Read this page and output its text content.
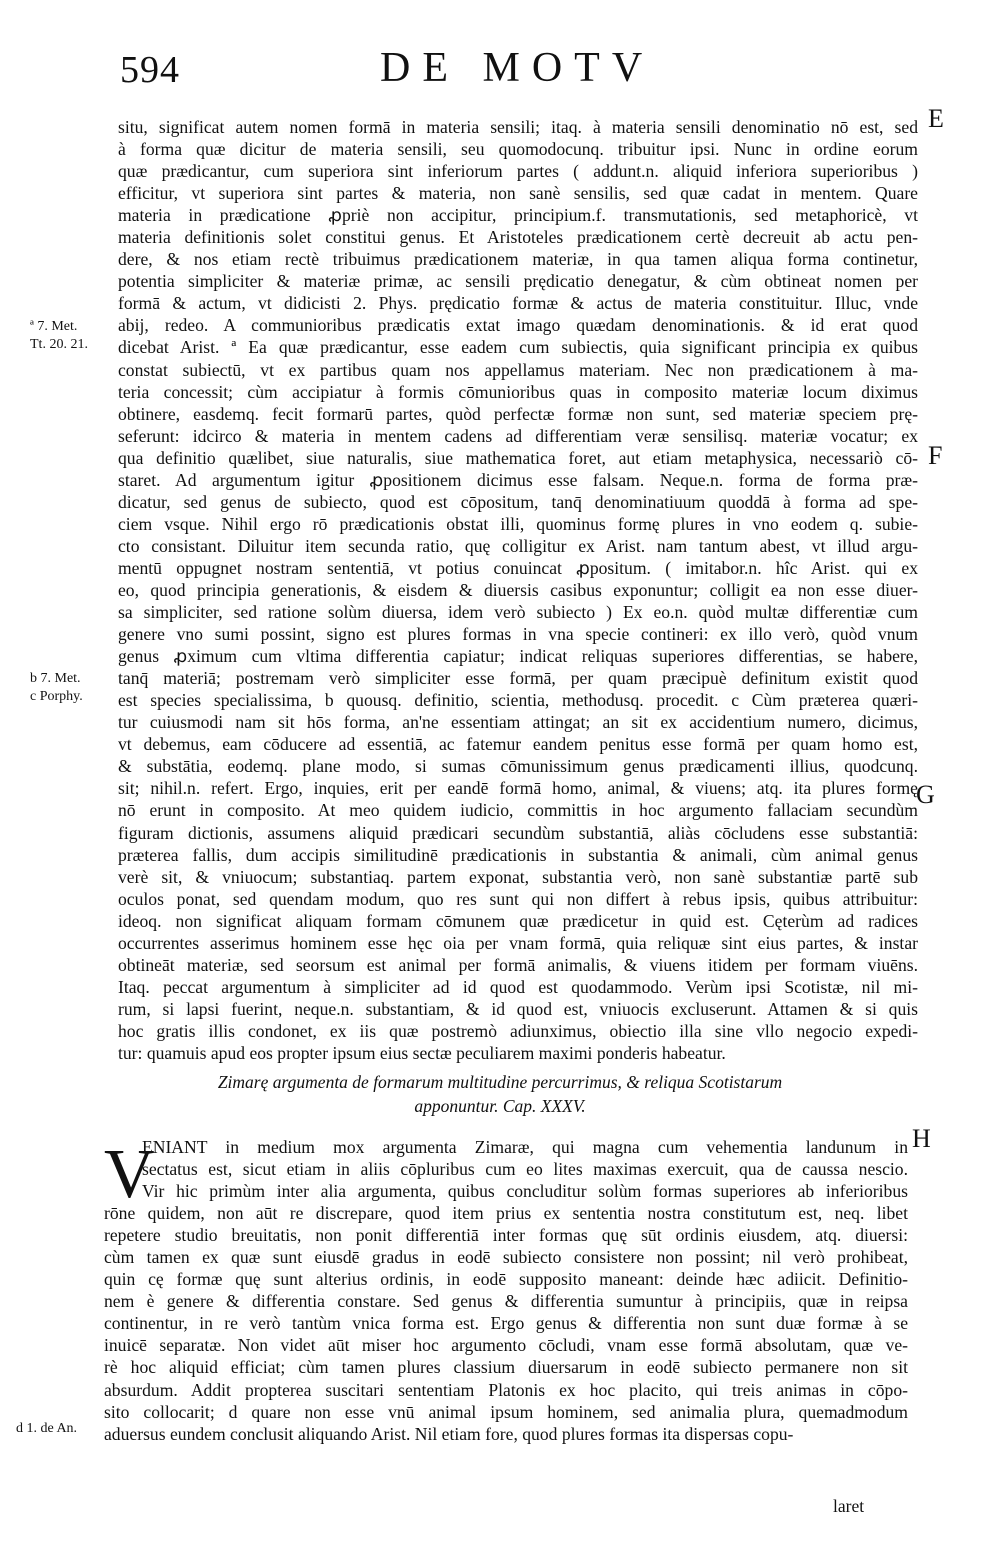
594	DE MOTV
E
F
G
H
ª 7. Met.
Tt. 20. 21.
b 7. Met.
c Porphy.
d 1. de An.
situ, significat autem nomen formā in materia sensili; itaq. à materia sensili denominatio nō est, sed
à forma quæ dicitur de materia sensili, seu quomodocunq. tribuitur ipsi. Nunc in ordine eorum
quæ prædicantur, cum superiora sint inferiorum partes ( addunt.n. aliquid inferiora superioribus )
efficitur, vt superiora sint partes & materia, non sanè sensilis, sed quæ cadat in mentem. Quare
materia in prædicatione ꝓpriè non accipitur, principium.f. transmutationis, sed metaphoricè, vt
materia definitionis solet constitui genus. Et Aristoteles prædicationem certè decreuit ab actu pen-
dere, & nos etiam rectè tribuimus prædicationem materiæ, in qua tamen aliqua forma continetur,
potentia simpliciter & materiæ primæ, ac sensili prędicatio denegatur, & cùm obtineat nomen per
formā & actum, vt didicisti 2. Phys. prędicatio formæ & actus de materia constituitur. Illuc, vnde
abij, redeo. A communioribus prædicatis extat imago quædam denominationis. & id erat quod
dicebat Arist. ª Ea quæ prædicantur, esse eadem cum subiectis, quia significant principia ex quibus
constat subiectū, vt ex partibus quam nos appellamus materiam. Nec non prædicationem à ma-
teria concessit; cùm accipiatur à formis cōmunioribus quas in composito materiæ locum diximus
obtinere, easdemq. fecit formarū partes, quòd perfectæ formæ non sunt, sed materiæ speciem prę-
seferunt: idcirco & materia in mentem cadens ad differentiam veræ sensilisq. materiæ vocatur; ex
qua definitio quælibet, siue naturalis, siue mathematica foret, aut etiam metaphysica, necessariò cō-
staret. Ad argumentum igitur ꝓpositionem dicimus esse falsam. Neque.n. forma de forma præ-
dicatur, sed genus de subiecto, quod est cōpositum, tanq̄ denominatiuum quoddā à forma ad spe-
ciem vsque. Nihil ergo rō prædicationis obstat illi, quominus formę plures in vno eodem q. subie-
cto consistant. Diluitur item secunda ratio, quę colligitur ex Arist. nam tantum abest, vt illud argu-
mentū oppugnet nostram sententiā, vt potius conuincat ꝓpositum. ( imitabor.n. hîc Arist. qui ex
eo, quod principia generationis, & eisdem & diuersis casibus exponuntur; colligit ea non esse diuer-
sa simpliciter, sed ratione solùm diuersa, idem verò subiecto ) Ex eo.n. quòd multæ differentiæ cum
genere vno sumi possint, signo est plures formas in vna specie contineri: ex illo verò, quòd vnum
genus ꝓximum cum vltima differentia capiatur; indicat reliquas superiores differentias, se habere,
tanq̄ materiā; postremam verò simpliciter esse formā, per quam præcipuè definitum existit quod
est species specialissima, b quousq. definitio, scientia, methodusq. procedit. c Cùm præterea quæri-
tur cuiusmodi nam sit hōs forma, an'ne essentiam attingat; an sit ex accidentium numero, dicimus,
vt debemus, eam cōducere ad essentiā, ac fatemur eandem penitus esse formā per quam homo est,
& substātia, eodemq. plane modo, si sumas cōmunissimum genus prædicamenti illius, quodcunq.
sit; nihil.n. refert. Ergo, inquies, erit per eandē formā homo, animal, & viuens; atq. ita plures formę
nō erunt in composito. At meo quidem iudicio, committis in hoc argumento fallaciam secundùm
figuram dictionis, assumens aliquid prædicari secundùm substantiā, aliàs cōcludens esse substantiā:
præterea fallis, dum accipis similitudinē prædicationis in substantia & animali, cùm animal genus
verè sit, & vniuocum; substantiaq. partem exponat, substantia verò, non sanè substantiæ partē sub
oculos ponat, sed quendam modum, quo res sunt qui non differt à rebus ipsis, quibus attribuitur:
ideoq. non significat aliquam formam cōmunem quæ prædicetur in quid est. Cęterùm ad radices
occurrentes asserimus hominem esse hęc oia per vnam formā, quia reliquæ sint eius partes, & instar
obtineāt materiæ, sed seorsum est animal per formā animalis, & viuens itidem per formam viuēns.
Itaq. peccat argumentum à simpliciter ad id quod est quodammodo. Verùm ipsi Scotistæ, nil mi-
rum, si lapsi fuerint, neque.n. substantiam, & id quod est, vniuocis excluserunt. Attamen & si quis
hoc gratis illis condonet, ex iis quæ postremò adiunximus, obiectio illa sine vllo negocio expedi-
tur: quamuis apud eos propter ipsum eius sectæ peculiarem maximi ponderis habeatur.
Zimarę argumenta de formarum multitudine percurrimus, & reliqua Scotistarum
apponuntur. Cap. XXXV.
V
ENIANT in medium mox argumenta Zimaræ, qui magna cum vehementia landunum in
sectatus est, sicut etiam in aliis cōpluribus cum eo lites maximas exercuit, qua de caussa nescio.
Vir hic primùm inter alia argumenta, quibus concluditur solùm formas superiores ab inferioribus
rōne quidem, non aūt re discrepare, quod item prius ex sententia nostra constitutum est, neq. libet
repetere studio breuitatis, non ponit differentiā inter formas quę sūt ordinis eiusdem, atq. diuersi:
cùm tamen ex quæ sunt eiusdē gradus in eodē subiecto consistere non possint; nil verò prohibeat,
quin cę formæ quę sunt alterius ordinis, in eodē supposito maneant: deinde hæc adiicit. Definitio-
nem è genere & differentia constare. Sed genus & differentia sumuntur à principiis, quæ in reipsa
continentur, in re verò tantùm vnica forma est. Ergo genus & differentia non sunt duæ formæ à se
inuicē separatæ. Non videt aūt miser hoc argumento cōcludi, vnam esse formā absolutam, quæ ve-
rè hoc aliquid efficiat; cùm tamen plures classium diuersarum in eodē subiecto permanere non sit
absurdum. Addit propterea suscitari sententiam Platonis ex hoc placito, qui treis animas in cōpo-
sito collocarit; d quare non esse vnū animal ipsum hominem, sed animalia plura, quemadmodum
aduersus eundem conclusit aliquando Arist. Nil etiam fore, quod plures formas ita dispersas copu-
laret
